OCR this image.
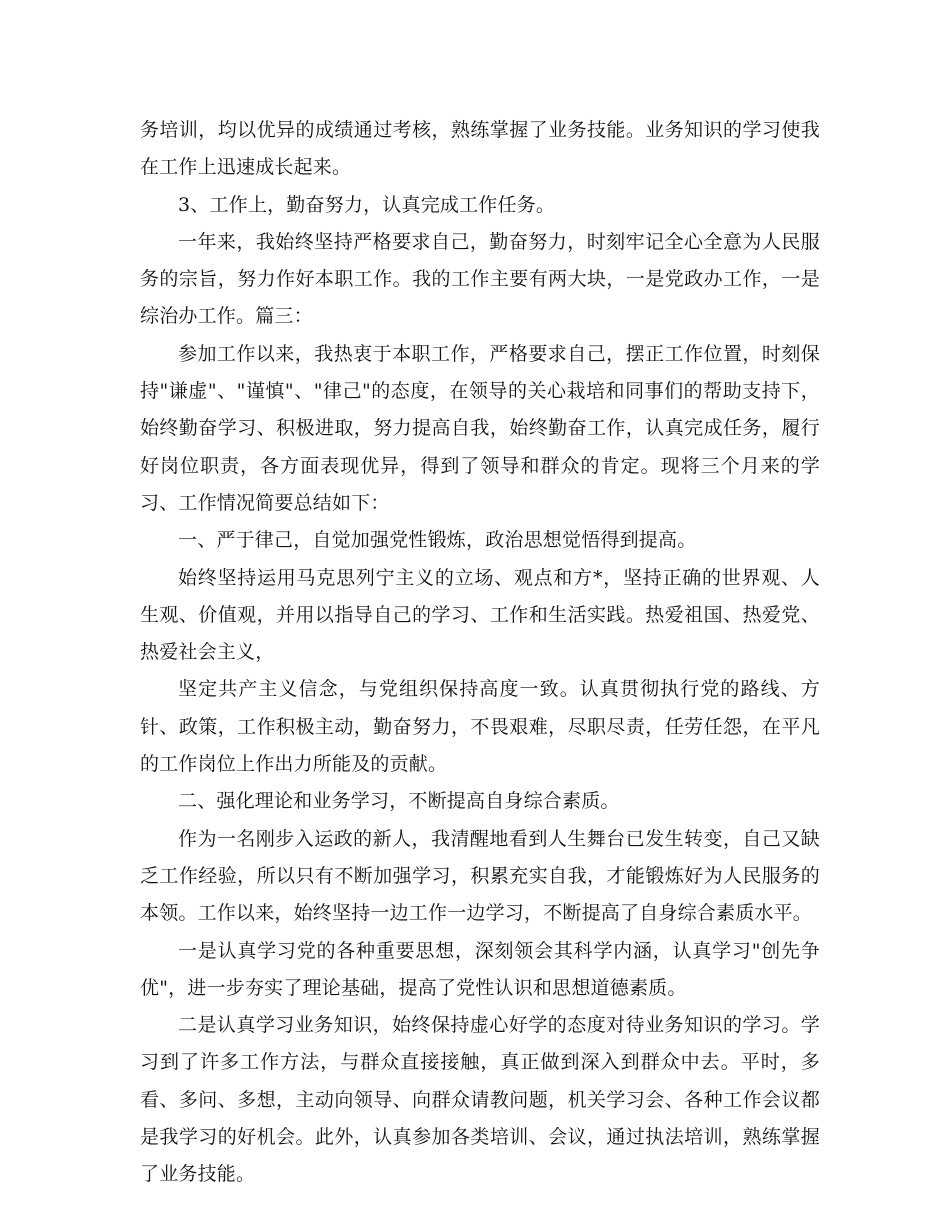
务培训，均以优异的成绩通过考核，熟练掌握了业务技能。业务知识的学习使我在工作上迅速成长起来。

3、工作上，勤奋努力，认真完成工作任务。

一年来，我始终坚持严格要求自己，勤奋努力，时刻牢记全心全意为人民服务的宗旨，努力作好本职工作。我的工作主要有两大块，一是党政办工作，一是综治办工作。篇三：

参加工作以来，我热衷于本职工作，严格要求自己，摆正工作位置，时刻保持"谦虚"、"谨慎"、"律己"的态度，在领导的关心栽培和同事们的帮助支持下，始终勤奋学习、积极进取，努力提高自我，始终勤奋工作，认真完成任务，履行好岗位职责，各方面表现优异，得到了领导和群众的肯定。现将三个月来的学习、工作情况简要总结如下：

一、严于律己，自觉加强党性锻炼，政治思想觉悟得到提高。

始终坚持运用马克思列宁主义的立场、观点和方*，坚持正确的世界观、人生观、价值观，并用以指导自己的学习、工作和生活实践。热爱祖国、热爱党、热爱社会主义，

坚定共产主义信念，与党组织保持高度一致。认真贯彻执行党的路线、方针、政策，工作积极主动，勤奋努力，不畏艰难，尽职尽责，任劳任怨，在平凡的工作岗位上作出力所能及的贡献。

二、强化理论和业务学习，不断提高自身综合素质。

作为一名刚步入运政的新人，我清醒地看到人生舞台已发生转变，自己又缺乏工作经验，所以只有不断加强学习，积累充实自我，才能锻炼好为人民服务的本领。工作以来，始终坚持一边工作一边学习，不断提高了自身综合素质水平。

一是认真学习党的各种重要思想，深刻领会其科学内涵，认真学习"创先争优"，进一步夯实了理论基础，提高了党性认识和思想道德素质。

二是认真学习业务知识，始终保持虚心好学的态度对待业务知识的学习。学习到了许多工作方法，与群众直接接触，真正做到深入到群众中去。平时，多看、多问、多想，主动向领导、向群众请教问题，机关学习会、各种工作会议都是我学习的好机会。此外，认真参加各类培训、会议，通过执法培训，熟练掌握了业务技能。
